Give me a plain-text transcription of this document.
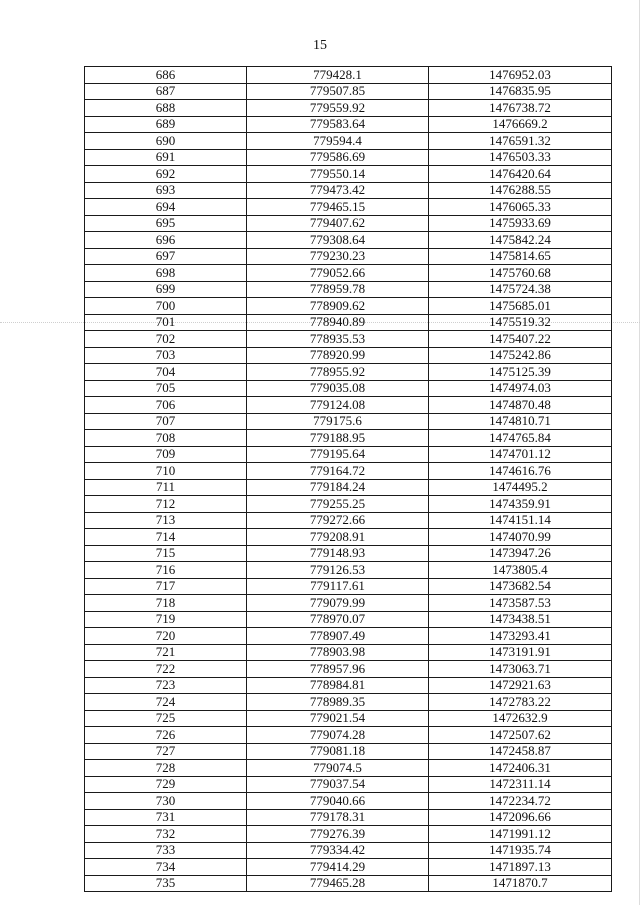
15
686	779428.1	1476952.03
687	779507.85	1476835.95
688	779559.92	1476738.72
689	779583.64	1476669.2
690	779594.4	1476591.32
691	779586.69	1476503.33
692	779550.14	1476420.64
693	779473.42	1476288.55
694	779465.15	1476065.33
695	779407.62	1475933.69
696	779308.64	1475842.24
697	779230.23	1475814.65
698	779052.66	1475760.68
699	778959.78	1475724.38
700	778909.62	1475685.01
701	778940.89	1475519.32
702	778935.53	1475407.22
703	778920.99	1475242.86
704	778955.92	1475125.39
705	779035.08	1474974.03
706	779124.08	1474870.48
707	779175.6	1474810.71
708	779188.95	1474765.84
709	779195.64	1474701.12
710	779164.72	1474616.76
711	779184.24	1474495.2
712	779255.25	1474359.91
713	779272.66	1474151.14
714	779208.91	1474070.99
715	779148.93	1473947.26
716	779126.53	1473805.4
717	779117.61	1473682.54
718	779079.99	1473587.53
719	778970.07	1473438.51
720	778907.49	1473293.41
721	778903.98	1473191.91
722	778957.96	1473063.71
723	778984.81	1472921.63
724	778989.35	1472783.22
725	779021.54	1472632.9
726	779074.28	1472507.62
727	779081.18	1472458.87
728	779074.5	1472406.31
729	779037.54	1472311.14
730	779040.66	1472234.72
731	779178.31	1472096.66
732	779276.39	1471991.12
733	779334.42	1471935.74
734	779414.29	1471897.13
735	779465.28	1471870.7
